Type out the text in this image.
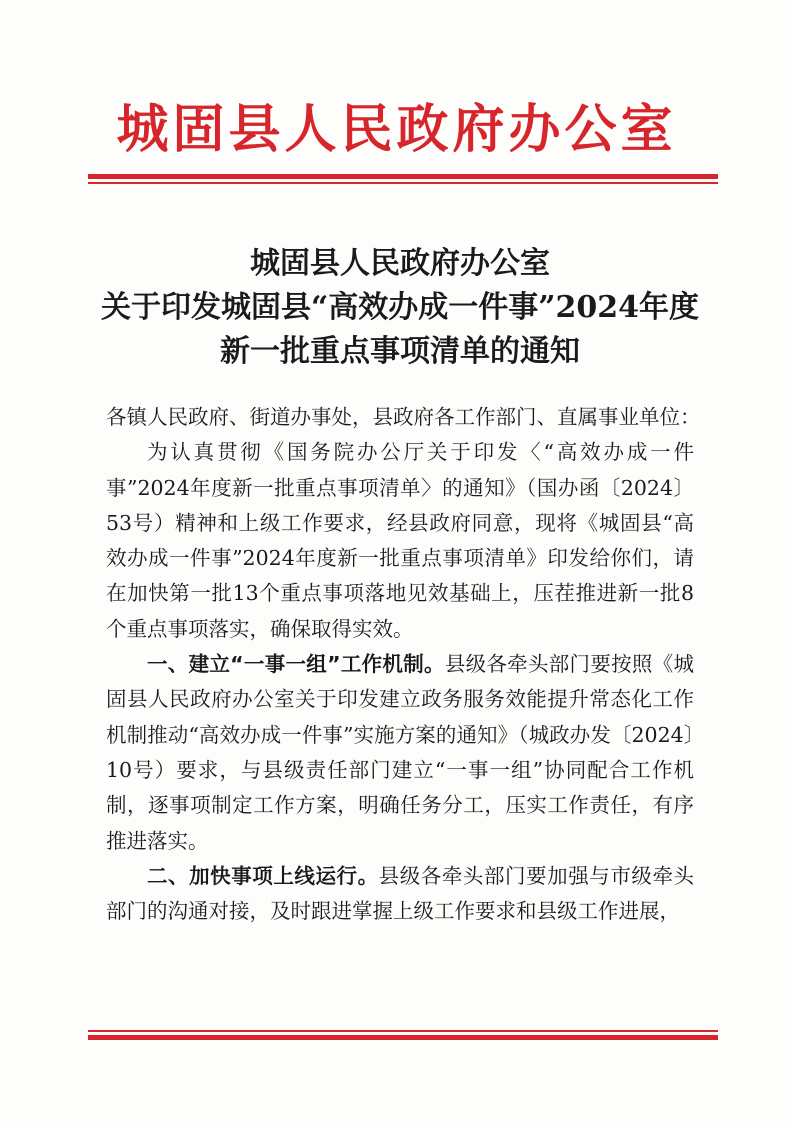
城固县人民政府办公室
城固县人民政府办公室
关于印发城固县“高效办成一件事”2024年度
新一批重点事项清单的通知

各镇人民政府、街道办事处，县政府各工作部门、直属事业单位：

为认真贯彻《国务院办公厅关于印发〈“高效办成一件事”2024年度新一批重点事项清单〉的通知》（国办函〔2024〕53号）精神和上级工作要求，经县政府同意，现将《城固县“高效办成一件事”2024年度新一批重点事项清单》印发给你们，请在加快第一批13个重点事项落地见效基础上，压茬推进新一批8个重点事项落实，确保取得实效。

一、建立“一事一组”工作机制。县级各牵头部门要按照《城固县人民政府办公室关于印发建立政务服务效能提升常态化工作机制推动“高效办成一件事”实施方案的通知》（城政办发〔2024〕10号）要求，与县级责任部门建立“一事一组”协同配合工作机制，逐事项制定工作方案，明确任务分工，压实工作责任，有序推进落实。

二、加快事项上线运行。县级各牵头部门要加强与市级牵头部门的沟通对接，及时跟进掌握上级工作要求和县级工作进展，
